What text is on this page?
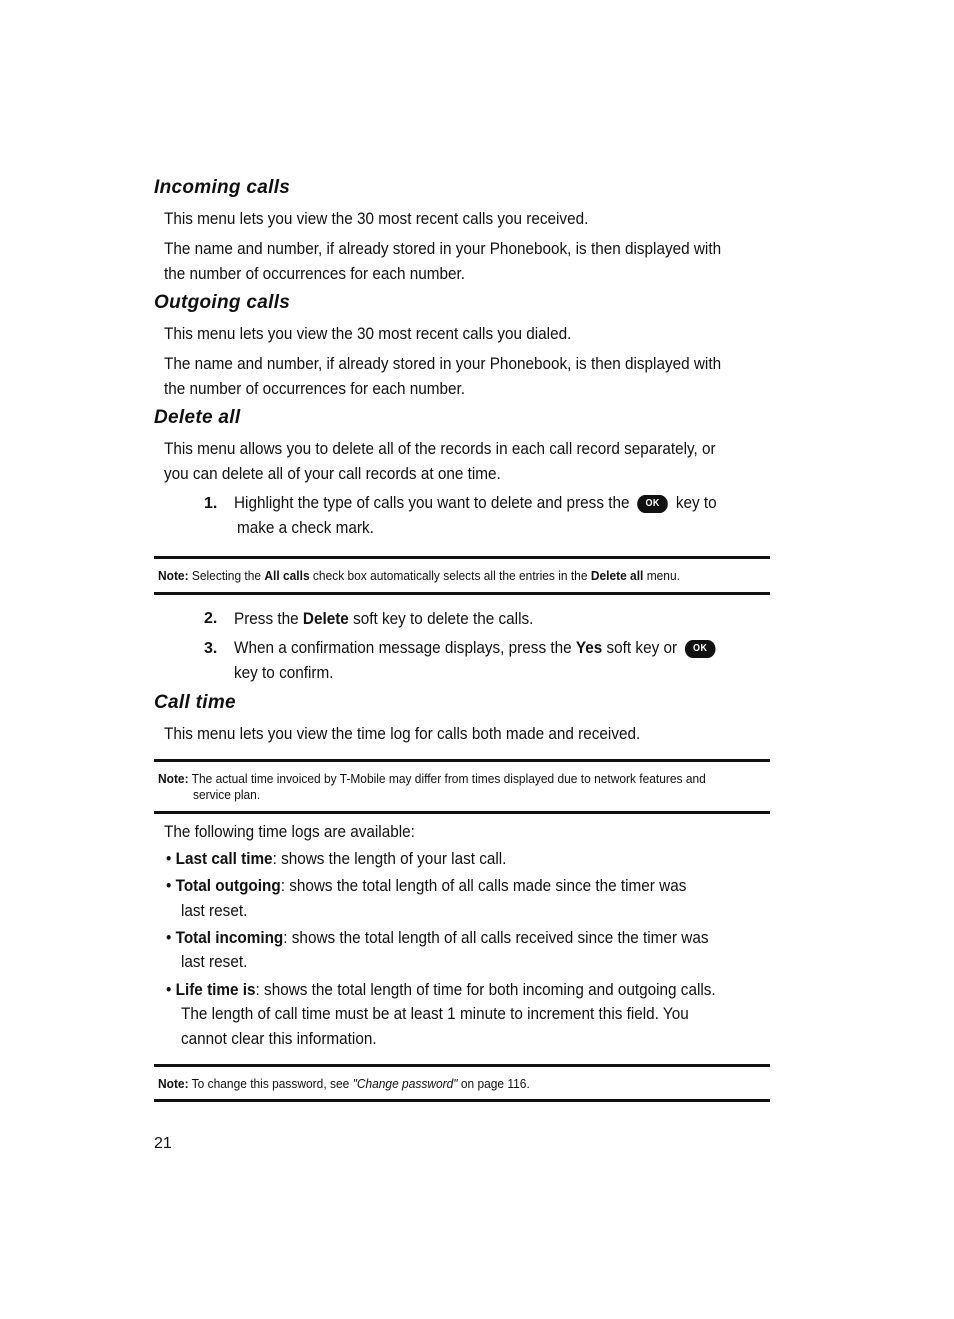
Incoming calls
This menu lets you view the 30 most recent calls you received.
The name and number, if already stored in your Phonebook, is then displayed with
the number of occurrences for each number.
Outgoing calls
This menu lets you view the 30 most recent calls you dialed.
The name and number, if already stored in your Phonebook, is then displayed with
the number of occurrences for each number.
Delete all
This menu allows you to delete all of the records in each call record separately, or
you can delete all of your call records at one time.
1. Highlight the type of calls you want to delete and press the OK key to
make a check mark.
Note: Selecting the All calls check box automatically selects all the entries in the Delete all menu.
2. Press the Delete soft key to delete the calls.
3. When a confirmation message displays, press the Yes soft key or OK
key to confirm.
Call time
This menu lets you view the time log for calls both made and received.
Note: The actual time invoiced by T-Mobile may differ from times displayed due to network features and
service plan.
The following time logs are available:
• Last call time: shows the length of your last call.
• Total outgoing: shows the total length of all calls made since the timer was
last reset.
• Total incoming: shows the total length of all calls received since the timer was
last reset.
• Life time is: shows the total length of time for both incoming and outgoing calls.
The length of call time must be at least 1 minute to increment this field. You
cannot clear this information.
Note: To change this password, see "Change password" on page 116.
21
